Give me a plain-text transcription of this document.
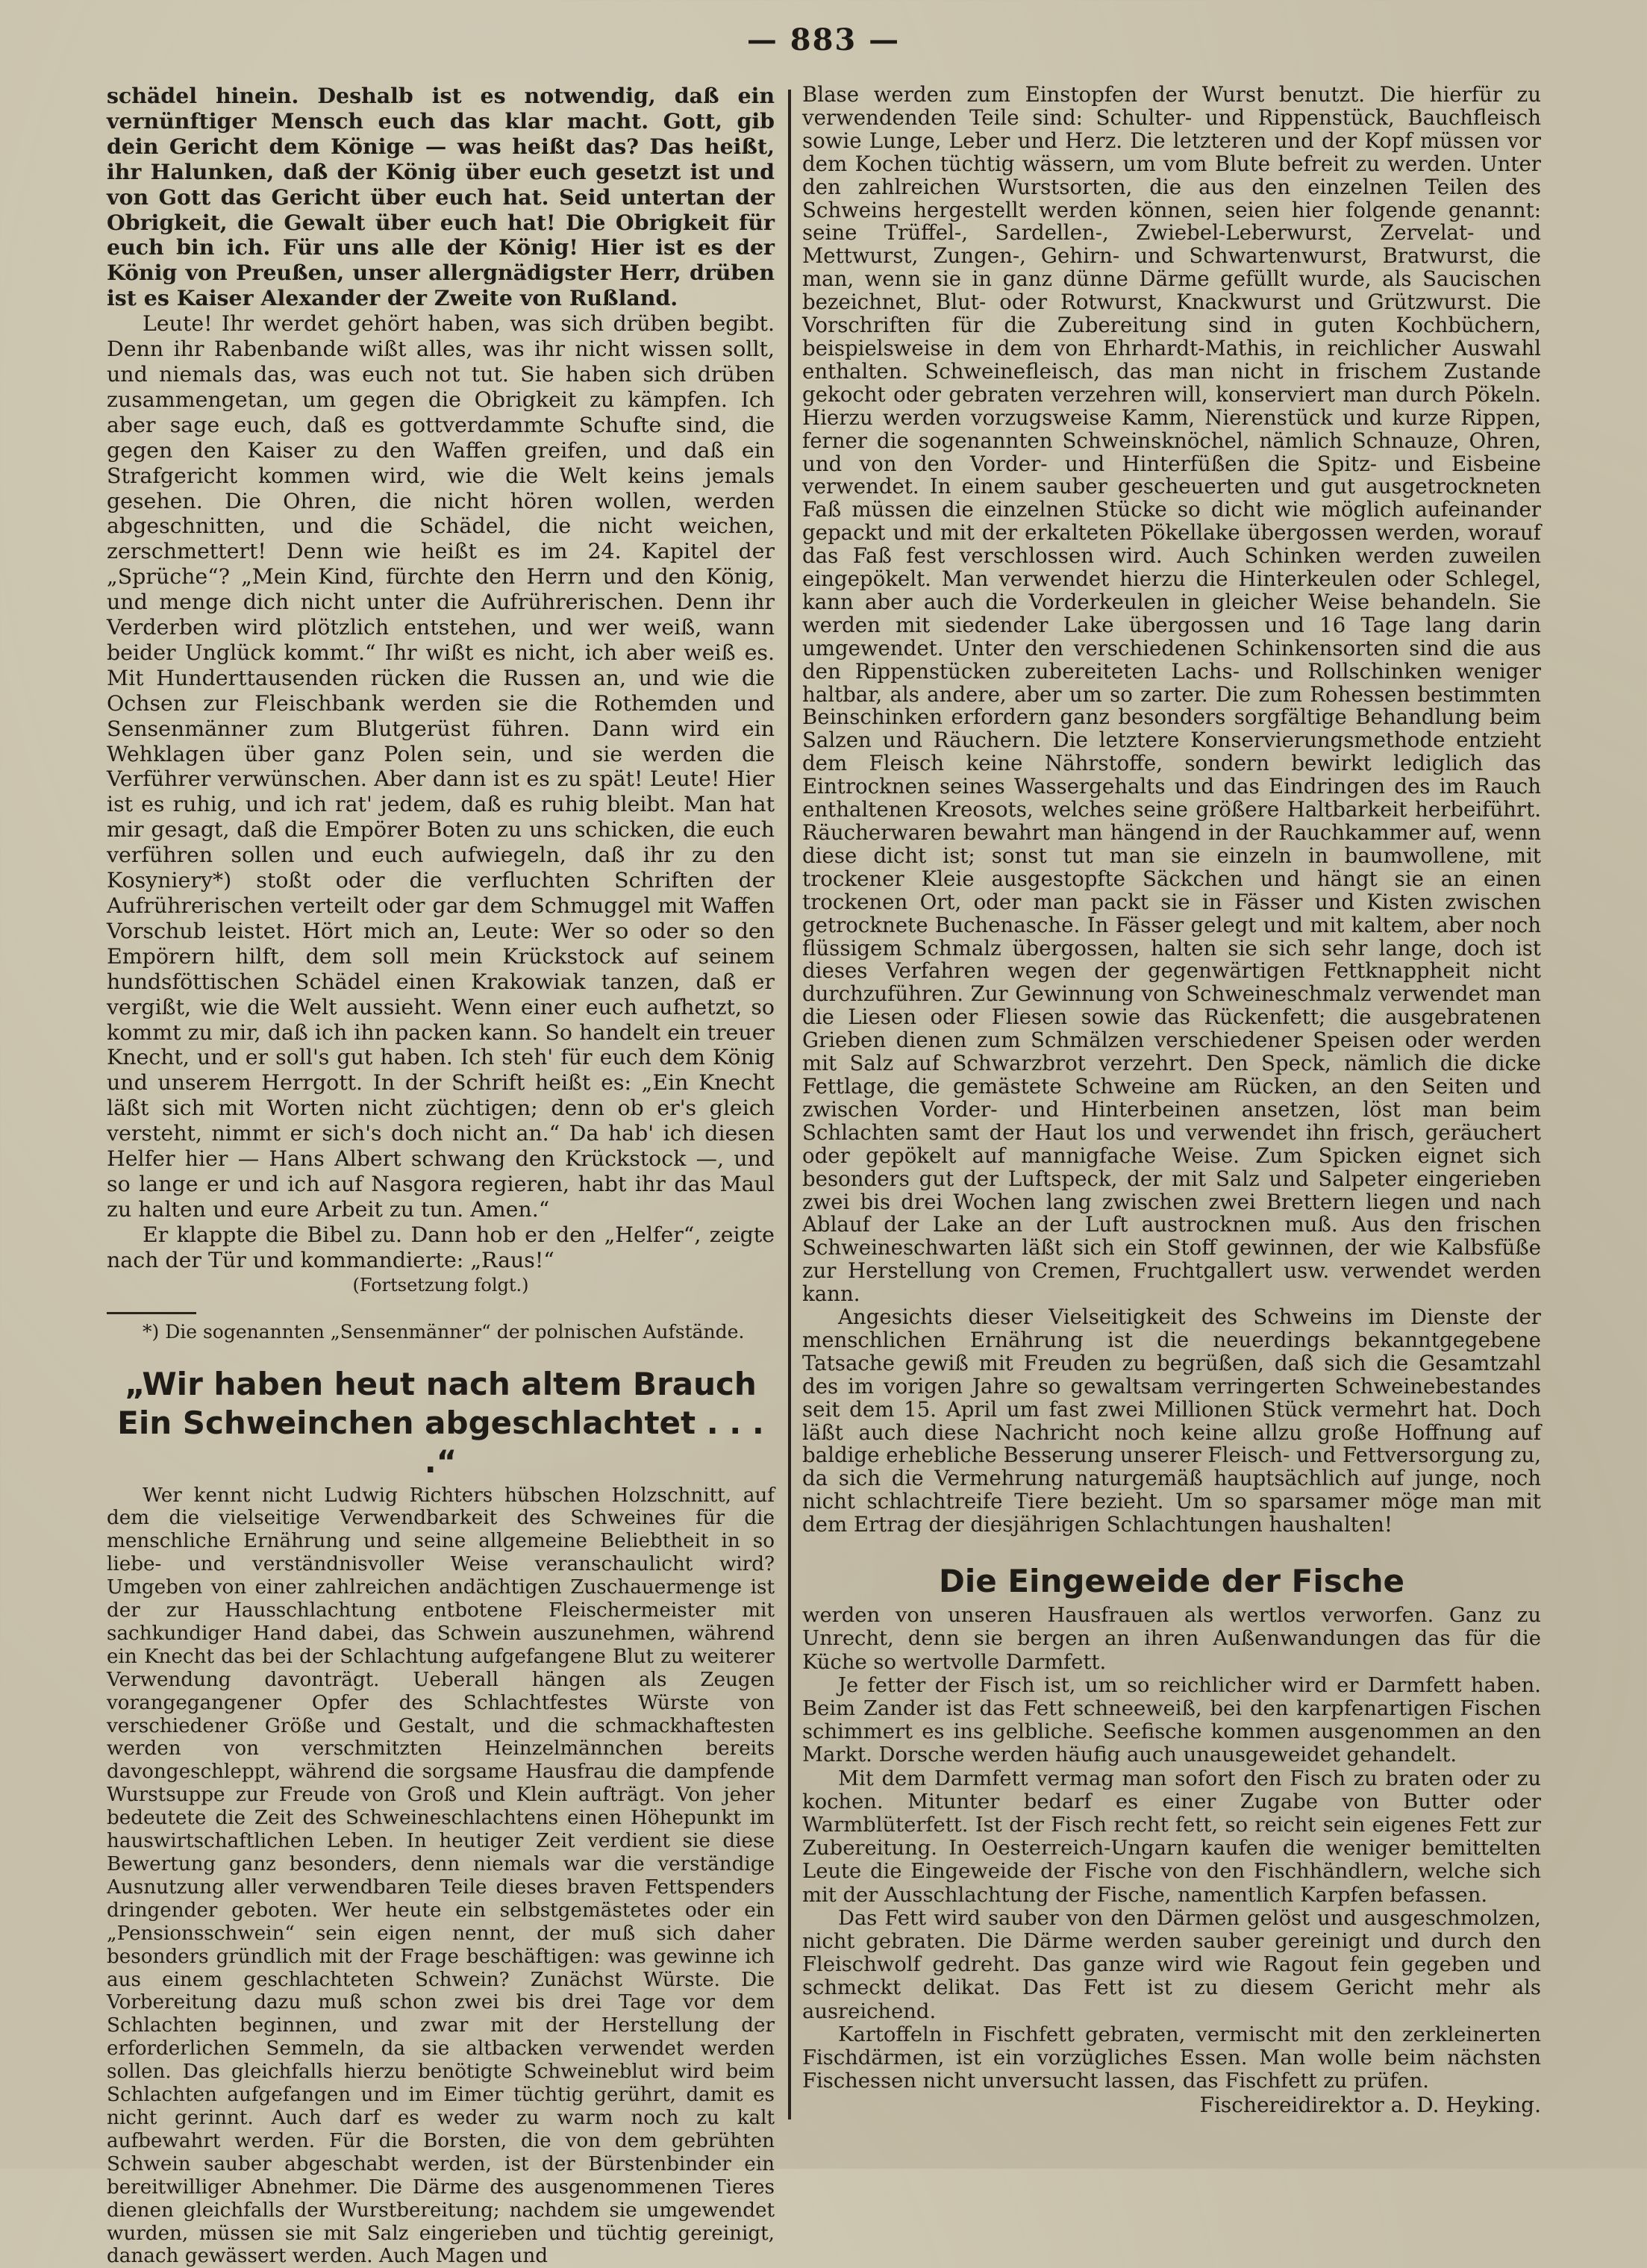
— 883 —

schädel hinein. Deshalb ist es notwendig, daß ein vernünftiger Mensch euch das klar macht. Gott, gib dein Gericht dem Könige — was heißt das? Das heißt, ihr Halunken, daß der König über euch gesetzt ist und von Gott das Gericht über euch hat. Seid untertan der Obrigkeit, die Gewalt über euch hat! Die Obrigkeit für euch bin ich. Für uns alle der König! Hier ist es der König von Preußen, unser allergnädigster Herr, drüben ist es Kaiser Alexander der Zweite von Rußland.

Leute! Ihr werdet gehört haben, was sich drüben begibt. Denn ihr Rabenbande wißt alles, was ihr nicht wissen sollt, und niemals das, was euch not tut. Sie haben sich drüben zusammengetan, um gegen die Obrigkeit zu kämpfen. Ich aber sage euch, daß es gottverdammte Schufte sind, die gegen den Kaiser zu den Waffen greifen, und daß ein Strafgericht kommen wird, wie die Welt keins jemals gesehen. Die Ohren, die nicht hören wollen, werden abgeschnitten, und die Schädel, die nicht weichen, zerschmettert! Denn wie heißt es im 24. Kapitel der „Sprüche“? „Mein Kind, fürchte den Herrn und den König, und menge dich nicht unter die Aufrührerischen. Denn ihr Verderben wird plötzlich entstehen, und wer weiß, wann beider Unglück kommt.“ Ihr wißt es nicht, ich aber weiß es. Mit Hunderttausenden rücken die Russen an, und wie die Ochsen zur Fleischbank werden sie die Rothemden und Sensenmänner zum Blutgerüst führen. Dann wird ein Wehklagen über ganz Polen sein, und sie werden die Verführer verwünschen. Aber dann ist es zu spät! Leute! Hier ist es ruhig, und ich rat' jedem, daß es ruhig bleibt. Man hat mir gesagt, daß die Empörer Boten zu uns schicken, die euch verführen sollen und euch aufwiegeln, daß ihr zu den Kosyniery*) stoßt oder die verfluchten Schriften der Aufrührerischen verteilt oder gar dem Schmuggel mit Waffen Vorschub leistet. Hört mich an, Leute: Wer so oder so den Empörern hilft, dem soll mein Krückstock auf seinem hundsföttischen Schädel einen Krakowiak tanzen, daß er vergißt, wie die Welt aussieht. Wenn einer euch aufhetzt, so kommt zu mir, daß ich ihn packen kann. So handelt ein treuer Knecht, und er soll's gut haben. Ich steh' für euch dem König und unserem Herrgott. In der Schrift heißt es: „Ein Knecht läßt sich mit Worten nicht züchtigen; denn ob er's gleich versteht, nimmt er sich's doch nicht an.“ Da hab' ich diesen Helfer hier — Hans Albert schwang den Krückstock —, und so lange er und ich auf Nasgora regieren, habt ihr das Maul zu halten und eure Arbeit zu tun. Amen.“

Er klappte die Bibel zu. Dann hob er den „Helfer“, zeigte nach der Tür und kommandierte: „Raus!“

(Fortsetzung folgt.)

*) Die sogenannten „Sensenmänner“ der polnischen Aufstände.

„Wir haben heut nach altem Brauch
Ein Schweinchen abgeschlachtet . . . .“

Wer kennt nicht Ludwig Richters hübschen Holzschnitt, auf dem die vielseitige Verwendbarkeit des Schweines für die menschliche Ernährung und seine allgemeine Beliebtheit in so liebe- und verständnisvoller Weise veranschaulicht wird? Umgeben von einer zahlreichen andächtigen Zuschauermenge ist der zur Hausschlachtung entbotene Fleischermeister mit sachkundiger Hand dabei, das Schwein auszunehmen, während ein Knecht das bei der Schlachtung aufgefangene Blut zu weiterer Verwendung davonträgt. Ueberall hängen als Zeugen vorangegangener Opfer des Schlachtfestes Würste von verschiedener Größe und Gestalt, und die schmackhaftesten werden von verschmitzten Heinzelmännchen bereits davongeschleppt, während die sorgsame Hausfrau die dampfende Wurstsuppe zur Freude von Groß und Klein aufträgt. Von jeher bedeutete die Zeit des Schweineschlachtens einen Höhepunkt im hauswirtschaftlichen Leben. In heutiger Zeit verdient sie diese Bewertung ganz besonders, denn niemals war die verständige Ausnutzung aller verwendbaren Teile dieses braven Fettspenders dringender geboten. Wer heute ein selbstgemästetes oder ein „Pensionsschwein“ sein eigen nennt, der muß sich daher besonders gründlich mit der Frage beschäftigen: was gewinne ich aus einem geschlachteten Schwein? Zunächst Würste. Die Vorbereitung dazu muß schon zwei bis drei Tage vor dem Schlachten beginnen, und zwar mit der Herstellung der erforderlichen Semmeln, da sie altbacken verwendet werden sollen. Das gleichfalls hierzu benötigte Schweineblut wird beim Schlachten aufgefangen und im Eimer tüchtig gerührt, damit es nicht gerinnt. Auch darf es weder zu warm noch zu kalt aufbewahrt werden. Für die Borsten, die von dem gebrühten Schwein sauber abgeschabt werden, ist der Bürstenbinder ein bereitwilliger Abnehmer. Die Därme des ausgenommenen Tieres dienen gleichfalls der Wurstbereitung; nachdem sie umgewendet wurden, müssen sie mit Salz eingerieben und tüchtig gereinigt, danach gewässert werden. Auch Magen und

Blase werden zum Einstopfen der Wurst benutzt. Die hierfür zu verwendenden Teile sind: Schulter- und Rippenstück, Bauchfleisch sowie Lunge, Leber und Herz. Die letzteren und der Kopf müssen vor dem Kochen tüchtig wässern, um vom Blute befreit zu werden. Unter den zahlreichen Wurstsorten, die aus den einzelnen Teilen des Schweins hergestellt werden können, seien hier folgende genannt: seine Trüffel-, Sardellen-, Zwiebel-Leberwurst, Zervelat- und Mettwurst, Zungen-, Gehirn- und Schwartenwurst, Bratwurst, die man, wenn sie in ganz dünne Därme gefüllt wurde, als Saucischen bezeichnet, Blut- oder Rotwurst, Knackwurst und Grützwurst. Die Vorschriften für die Zubereitung sind in guten Kochbüchern, beispielsweise in dem von Ehrhardt-Mathis, in reichlicher Auswahl enthalten. Schweinefleisch, das man nicht in frischem Zustande gekocht oder gebraten verzehren will, konserviert man durch Pökeln. Hierzu werden vorzugsweise Kamm, Nierenstück und kurze Rippen, ferner die sogenannten Schweinsknöchel, nämlich Schnauze, Ohren, und von den Vorder- und Hinterfüßen die Spitz- und Eisbeine verwendet. In einem sauber gescheuerten und gut ausgetrockneten Faß müssen die einzelnen Stücke so dicht wie möglich aufeinander gepackt und mit der erkalteten Pökellake übergossen werden, worauf das Faß fest verschlossen wird. Auch Schinken werden zuweilen eingepökelt. Man verwendet hierzu die Hinterkeulen oder Schlegel, kann aber auch die Vorderkeulen in gleicher Weise behandeln. Sie werden mit siedender Lake übergossen und 16 Tage lang darin umgewendet. Unter den verschiedenen Schinkensorten sind die aus den Rippenstücken zubereiteten Lachs- und Rollschinken weniger haltbar, als andere, aber um so zarter. Die zum Rohessen bestimmten Beinschinken erfordern ganz besonders sorgfältige Behandlung beim Salzen und Räuchern. Die letztere Konservierungsmethode entzieht dem Fleisch keine Nährstoffe, sondern bewirkt lediglich das Eintrocknen seines Wassergehalts und das Eindringen des im Rauch enthaltenen Kreosots, welches seine größere Haltbarkeit herbeiführt. Räucherwaren bewahrt man hängend in der Rauchkammer auf, wenn diese dicht ist; sonst tut man sie einzeln in baumwollene, mit trockener Kleie ausgestopfte Säckchen und hängt sie an einen trockenen Ort, oder man packt sie in Fässer und Kisten zwischen getrocknete Buchenasche. In Fässer gelegt und mit kaltem, aber noch flüssigem Schmalz übergossen, halten sie sich sehr lange, doch ist dieses Verfahren wegen der gegenwärtigen Fettknappheit nicht durchzuführen. Zur Gewinnung von Schweineschmalz verwendet man die Liesen oder Fliesen sowie das Rückenfett; die ausgebratenen Grieben dienen zum Schmälzen verschiedener Speisen oder werden mit Salz auf Schwarzbrot verzehrt. Den Speck, nämlich die dicke Fettlage, die gemästete Schweine am Rücken, an den Seiten und zwischen Vorder- und Hinterbeinen ansetzen, löst man beim Schlachten samt der Haut los und verwendet ihn frisch, geräuchert oder gepökelt auf mannigfache Weise. Zum Spicken eignet sich besonders gut der Luftspeck, der mit Salz und Salpeter eingerieben zwei bis drei Wochen lang zwischen zwei Brettern liegen und nach Ablauf der Lake an der Luft austrocknen muß. Aus den frischen Schweineschwarten läßt sich ein Stoff gewinnen, der wie Kalbsfüße zur Herstellung von Cremen, Fruchtgallert usw. verwendet werden kann.

Angesichts dieser Vielseitigkeit des Schweins im Dienste der menschlichen Ernährung ist die neuerdings bekanntgegebene Tatsache gewiß mit Freuden zu begrüßen, daß sich die Gesamtzahl des im vorigen Jahre so gewaltsam verringerten Schweinebestandes seit dem 15. April um fast zwei Millionen Stück vermehrt hat. Doch läßt auch diese Nachricht noch keine allzu große Hoffnung auf baldige erhebliche Besserung unserer Fleisch- und Fettversorgung zu, da sich die Vermehrung naturgemäß hauptsächlich auf junge, noch nicht schlachtreife Tiere bezieht. Um so sparsamer möge man mit dem Ertrag der diesjährigen Schlachtungen haushalten!

Die Eingeweide der Fische

werden von unseren Hausfrauen als wertlos verworfen. Ganz zu Unrecht, denn sie bergen an ihren Außenwandungen das für die Küche so wertvolle Darmfett.

Je fetter der Fisch ist, um so reichlicher wird er Darmfett haben. Beim Zander ist das Fett schneeweiß, bei den karpfenartigen Fischen schimmert es ins gelbliche. Seefische kommen ausgenommen an den Markt. Dorsche werden häufig auch unausgeweidet gehandelt.

Mit dem Darmfett vermag man sofort den Fisch zu braten oder zu kochen. Mitunter bedarf es einer Zugabe von Butter oder Warmblüterfett. Ist der Fisch recht fett, so reicht sein eigenes Fett zur Zubereitung. In Oesterreich-Ungarn kaufen die weniger bemittelten Leute die Eingeweide der Fische von den Fischhändlern, welche sich mit der Ausschlachtung der Fische, namentlich Karpfen befassen.

Das Fett wird sauber von den Därmen gelöst und ausgeschmolzen, nicht gebraten. Die Därme werden sauber gereinigt und durch den Fleischwolf gedreht. Das ganze wird wie Ragout fein gegeben und schmeckt delikat. Das Fett ist zu diesem Gericht mehr als ausreichend.

Kartoffeln in Fischfett gebraten, vermischt mit den zerkleinerten Fischdärmen, ist ein vorzügliches Essen. Man wolle beim nächsten Fischessen nicht unversucht lassen, das Fischfett zu prüfen.

Fischereidirektor a. D. Heyking.
